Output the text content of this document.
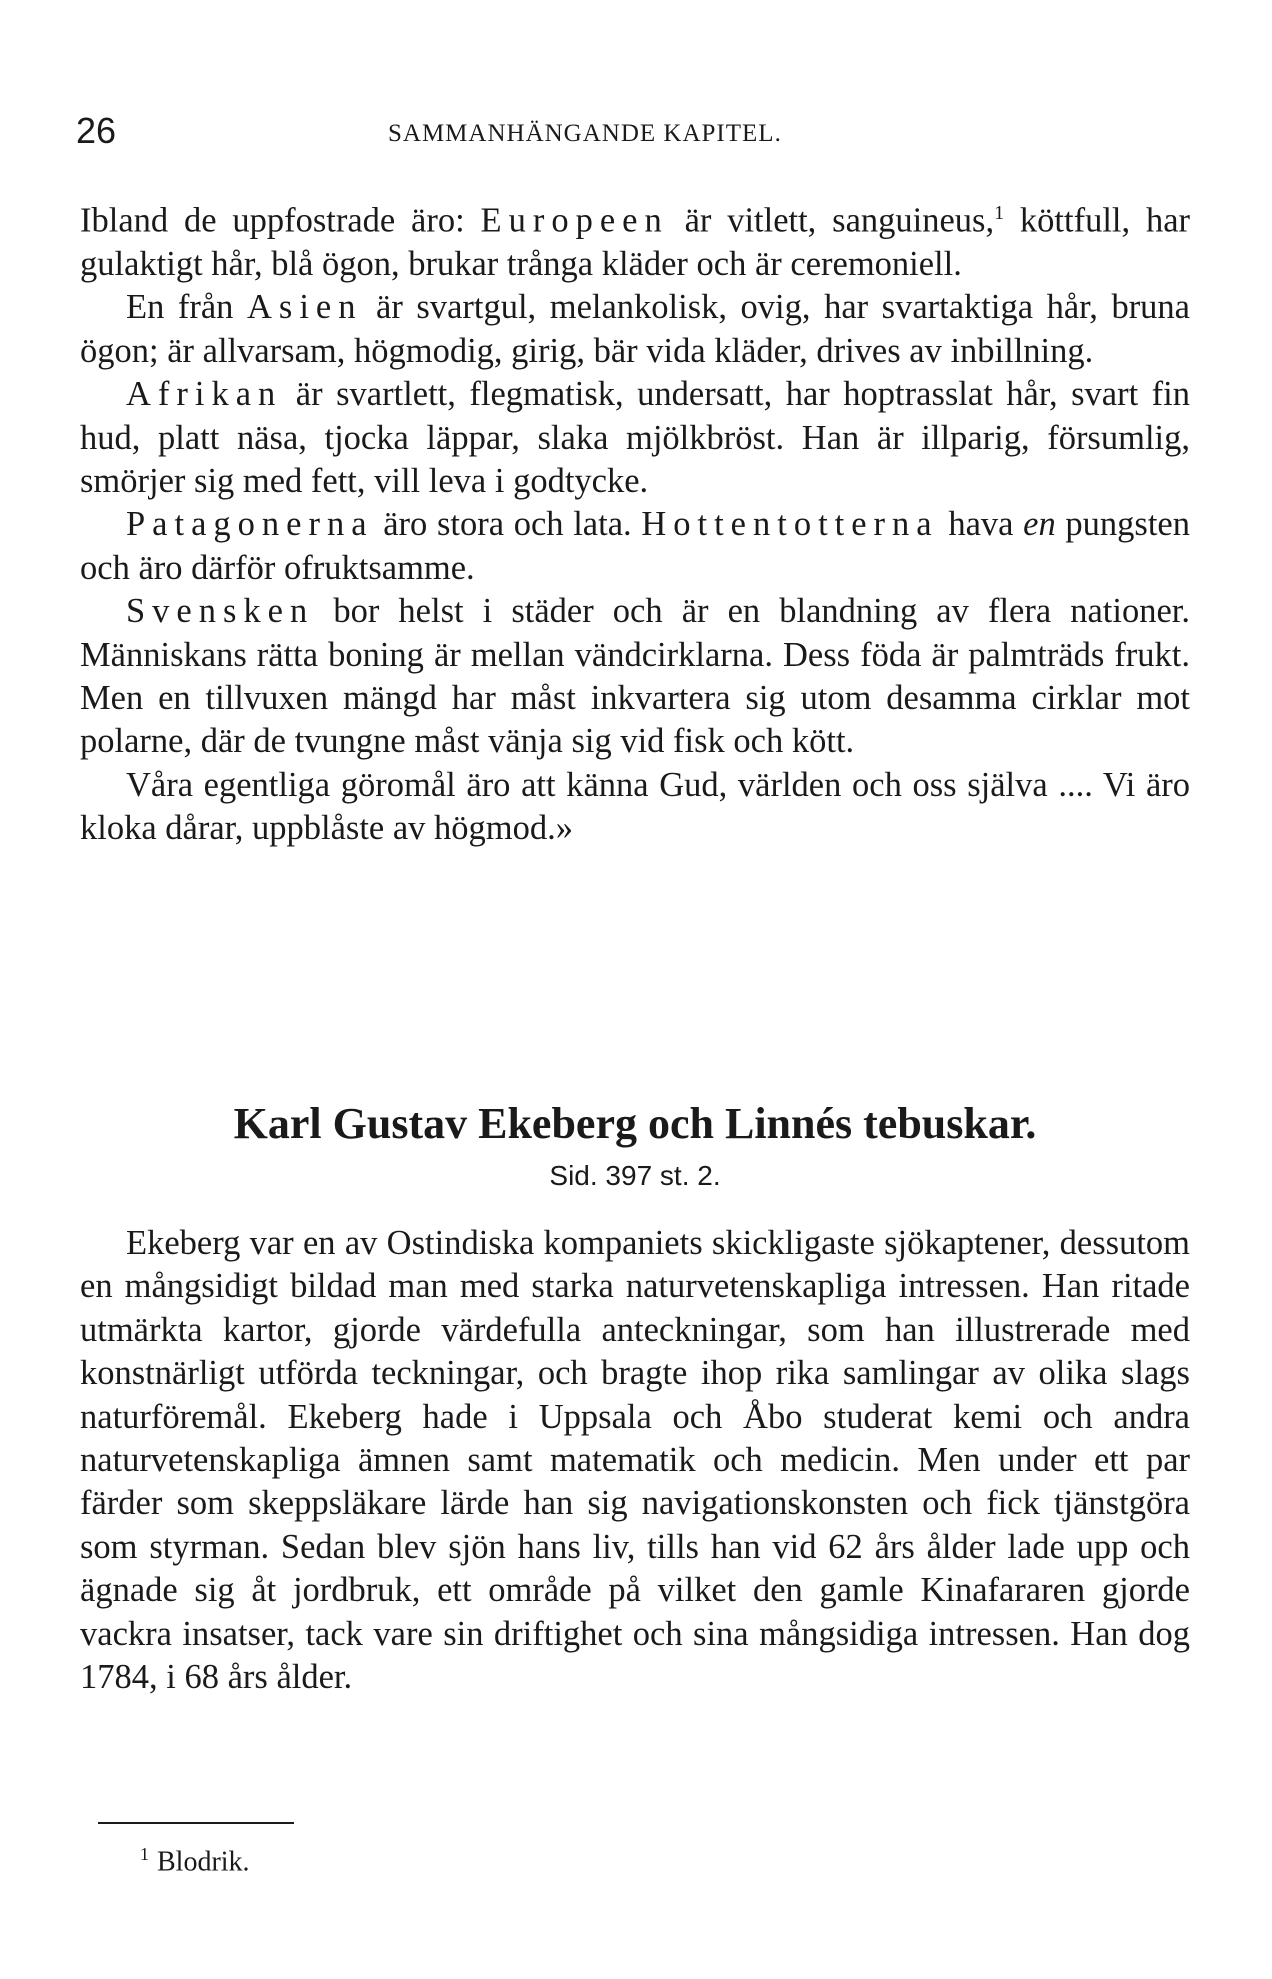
26	SAMMANHÄNGANDE KAPITEL.

Ibland de uppfostrade äro: Europeen är vitlett, sanguineus,$^1$ köttfull, har gulaktigt hår, blå ögon, brukar trånga kläder och är ceremoniell.

En från Asien är svartgul, melankolisk, ovig, har svartaktiga hår, bruna ögon; är allvarsam, högmodig, girig, bär vida kläder, drives av inbillning.

Afrikan är svartlett, flegmatisk, undersatt, har hoptrasslat hår, svart fin hud, platt näsa, tjocka läppar, slaka mjölkbröst. Han är illparig, försumlig, smörjer sig med fett, vill leva i godtycke.

Patagonerna äro stora och lata. Hottentotterna hava en pungsten och äro därför ofruktsamme.

Svensken bor helst i städer och är en blandning av flera nationer. Människans rätta boning är mellan vändcirklarna. Dess föda är palmträds frukt. Men en tillvuxen mängd har måst inkvartera sig utom desamma cirklar mot polarne, där de tvungne måst vänja sig vid fisk och kött.

Våra egentliga göromål äro att känna Gud, världen och oss själva .... Vi äro kloka dårar, uppblåste av högmod.»

Karl Gustav Ekeberg och Linnés tebuskar.
Sid. 397 st. 2.

Ekeberg var en av Ostindiska kompaniets skickligaste sjökaptener, dessutom en mångsidigt bildad man med starka naturvetenskapliga intressen. Han ritade utmärkta kartor, gjorde värdefulla anteckningar, som han illustrerade med konstnärligt utförda teckningar, och bragte ihop rika samlingar av olika slags naturföremål. Ekeberg hade i Uppsala och Åbo studerat kemi och andra naturvetenskapliga ämnen samt matematik och medicin. Men under ett par färder som skeppsläkare lärde han sig navigationskonsten och fick tjänstgöra som styrman. Sedan blev sjön hans liv, tills han vid 62 års ålder lade upp och ägnade sig åt jordbruk, ett område på vilket den gamle Kinafararen gjorde vackra insatser, tack vare sin driftighet och sina mångsidiga intressen. Han dog 1784, i 68 års ålder.

$^1$ Blodrik.
